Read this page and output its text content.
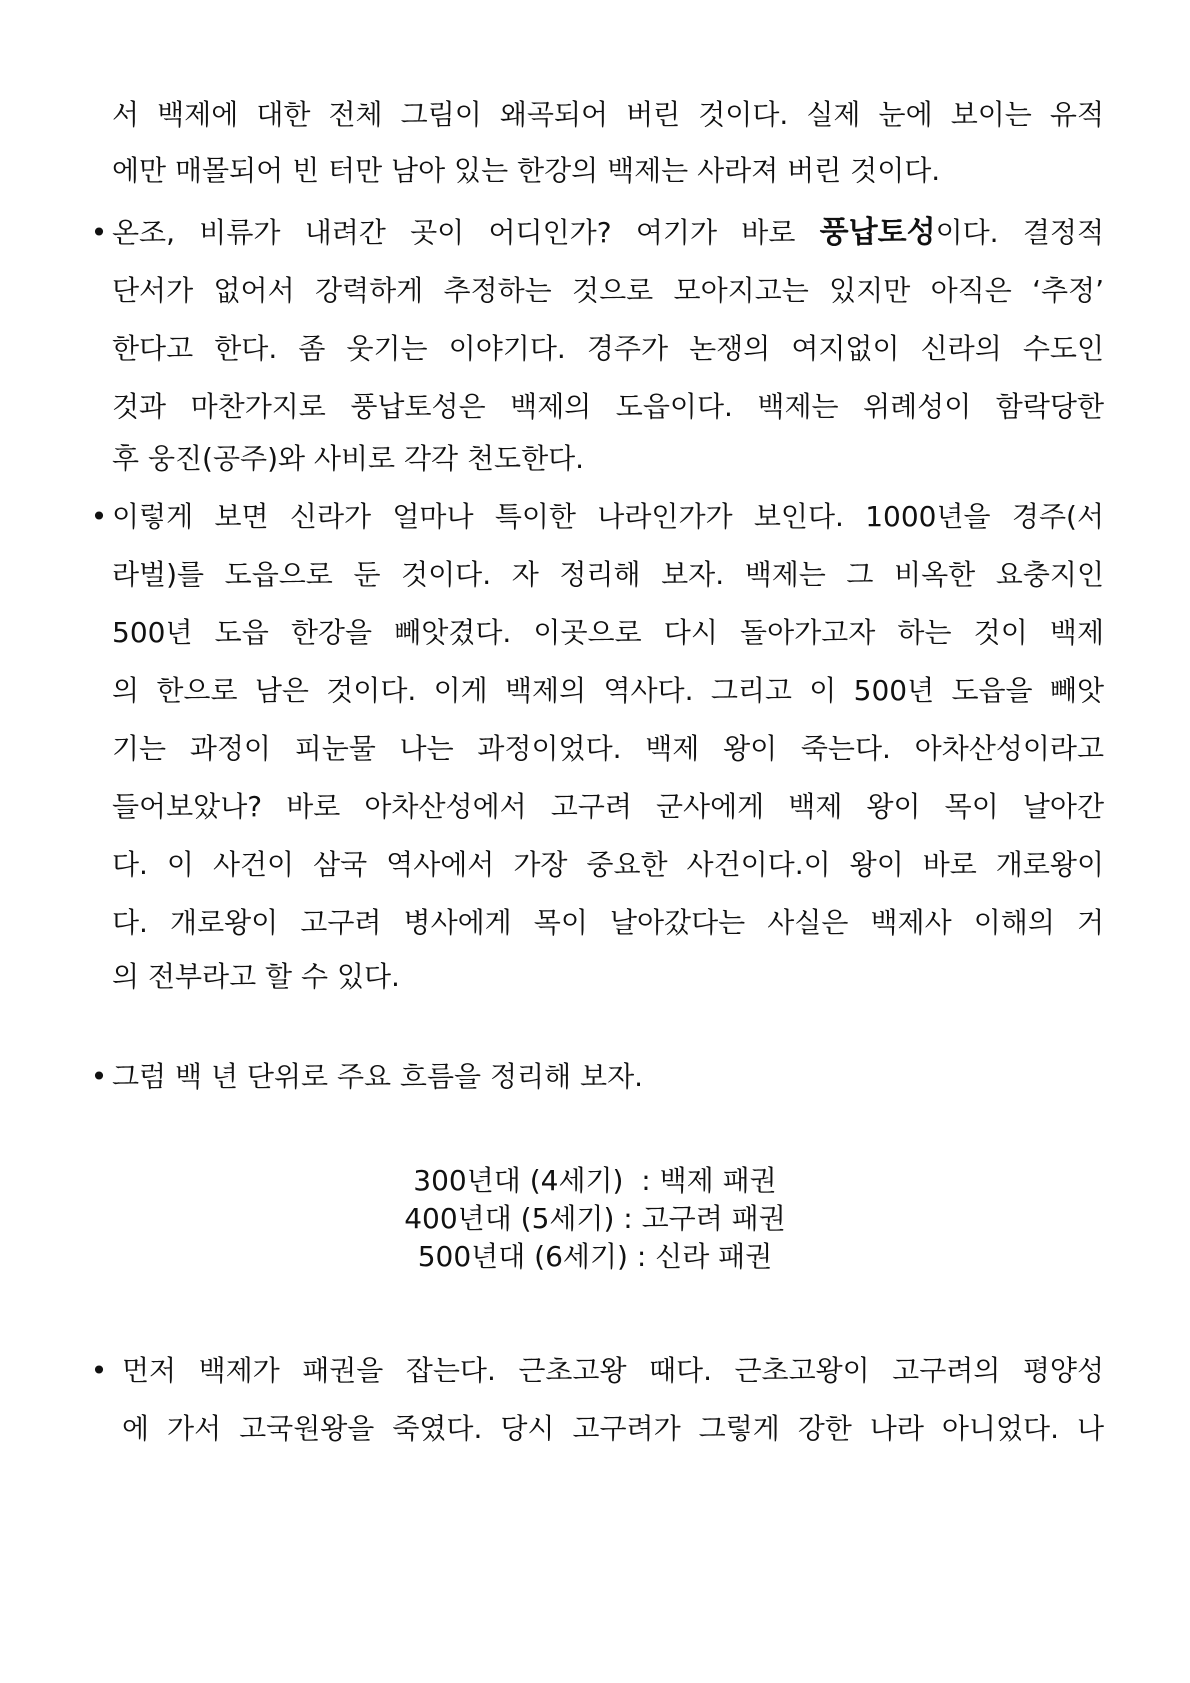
서 백제에 대한 전체 그림이 왜곡되어 버린 것이다. 실제 눈에 보이는 유적
에만 매몰되어 빈 터만 남아 있는 한강의 백제는 사라져 버린 것이다.
• 온조, 비류가 내려간 곳이 어디인가? 여기가 바로 풍납토성이다. 결정적
단서가 없어서 강력하게 추정하는 것으로 모아지고는 있지만 아직은 ‘추정’
한다고 한다. 좀 웃기는 이야기다. 경주가 논쟁의 여지없이 신라의 수도인
것과 마찬가지로 풍납토성은 백제의 도읍이다. 백제는 위례성이 함락당한
후 웅진(공주)와 사비로 각각 천도한다.
• 이렇게 보면 신라가 얼마나 특이한 나라인가가 보인다. 1000년을 경주(서
라벌)를 도읍으로 둔 것이다. 자 정리해 보자. 백제는 그 비옥한 요충지인
500년 도읍 한강을 빼앗겼다. 이곳으로 다시 돌아가고자 하는 것이 백제
의 한으로 남은 것이다. 이게 백제의 역사다. 그리고 이 500년 도읍을 빼앗
기는 과정이 피눈물 나는 과정이었다. 백제 왕이 죽는다. 아차산성이라고
들어보았나? 바로 아차산성에서 고구려 군사에게 백제 왕이 목이 날아간
다. 이 사건이 삼국 역사에서 가장 중요한 사건이다.이 왕이 바로 개로왕이
다. 개로왕이 고구려 병사에게 목이 날아갔다는 사실은 백제사 이해의 거
의 전부라고 할 수 있다.
• 그럼 백 년 단위로 주요 흐름을 정리해 보자.
300년대 (4세기)  : 백제 패권
400년대 (5세기) : 고구려 패권
500년대 (6세기) : 신라 패권
• 먼저 백제가 패권을 잡는다. 근초고왕 때다. 근초고왕이 고구려의 평양성
에 가서 고국원왕을 죽였다. 당시 고구려가 그렇게 강한 나라 아니었다. 나
